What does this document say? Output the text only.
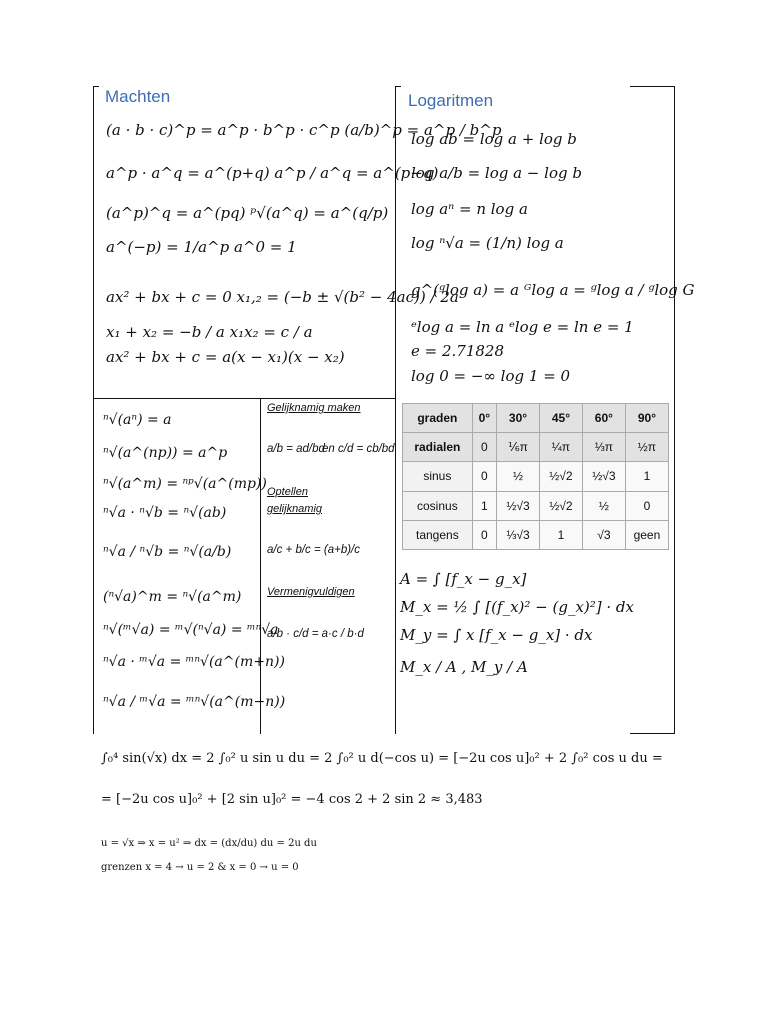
Machten
(a · b · c)^p = a^p · b^p · c^p (a/b)^p = a^p / b^p
a^p · a^q = a^(p+q) a^p / a^q = a^(p−q)
(a^p)^q = a^(pq) ᵖ√(a^q) = a^(q/p)
a^(−p) = 1/a^p a^0 = 1
ax² + bx + c = 0 x₁,₂ = (−b ± √(b² − 4ac)) / 2a
x₁ + x₂ = −b / a x₁x₂ = c / a
ax² + bx + c = a(x − x₁)(x − x₂)
Logaritmen
log ab = log a + log b
log a/b = log a − log b
log aⁿ = n log a
log ⁿ√a = (1/n) log a
g^(ᵍlog a) = a ᴳlog a = ᵍlog a / ᵍlog G
ᵉlog a = ln a ᵉlog e = ln e = 1
e = 2.71828
log 0 = −∞ log 1 = 0
ⁿ√(aⁿ) = a
ⁿ√(a^(np)) = a^p
ⁿ√(a^m) = ⁿᵖ√(a^(mp))
ⁿ√a · ⁿ√b = ⁿ√(ab)
ⁿ√a / ⁿ√b = ⁿ√(a/b)
(ⁿ√a)^m = ⁿ√(a^m)
ⁿ√(ᵐ√a) = ᵐ√(ⁿ√a) = ᵐⁿ√a
ⁿ√a · ᵐ√a = ᵐⁿ√(a^(m+n))
ⁿ√a / ᵐ√a = ᵐⁿ√(a^(m−n))
Gelijknamig maken
a/b = ad/bd
en c/d = cb/bd
Optellen
gelijknamig
a/c + b/c = (a+b)/c
Vermenigvuldigen
a/b · c/d = a·c / b·d
graden	0°	30°	45°	60°	90°
radialen	0	⅙π	¼π	⅓π	½π
sinus	0	½	½√2	½√3	1
cosinus	1	½√3	½√2	½	0
tangens	0	⅓√3	1	√3	geen
A = ∫ [f_x − g_x]
M_x = ½ ∫ [(f_x)² − (g_x)²] · dx
M_y = ∫ x [f_x − g_x] · dx
M_x / A , M_y / A
∫₀⁴ sin(√x) dx = 2 ∫₀² u sin u du = 2 ∫₀² u d(−cos u) = [−2u cos u]₀² + 2 ∫₀² cos u du =
= [−2u cos u]₀² + [2 sin u]₀² = −4 cos 2 + 2 sin 2 ≈ 3,483
u = √x ⇒ x = u² ⇒ dx = (dx/du) du = 2u du
grenzen x = 4 → u = 2 & x = 0 → u = 0
